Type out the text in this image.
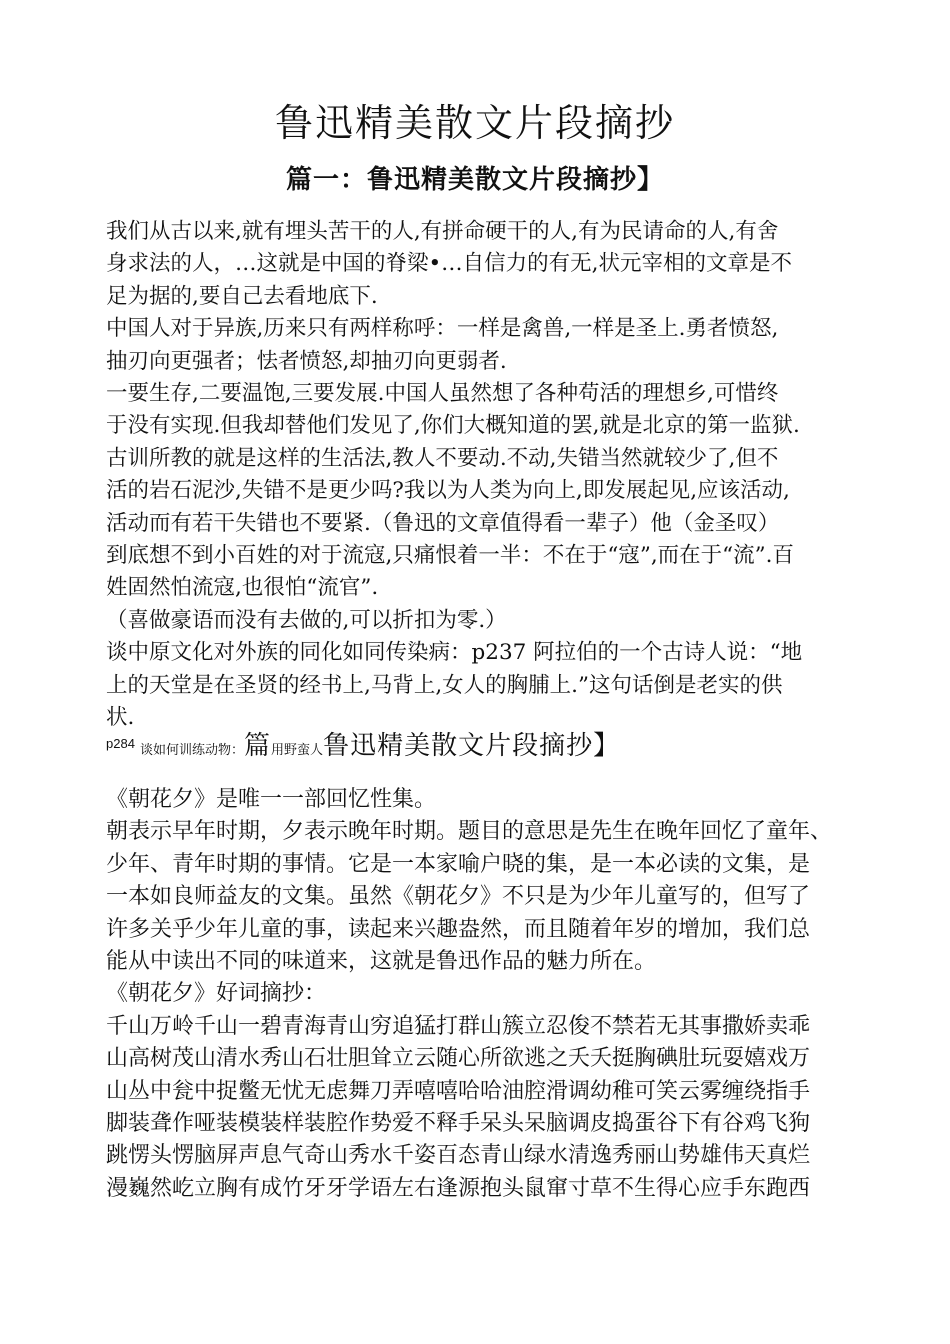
鲁迅精美散文片段摘抄
篇一：鲁迅精美散文片段摘抄】

我们从古以来,就有埋头苦干的人,有拼命硬干的人,有为民请命的人,有舍

身求法的人，…这就是中国的脊梁•…自信力的有无,状元宰相的文章是不

足为据的,要自己去看地底下.

中国人对于异族,历来只有两样称呼：一样是禽兽,一样是圣上.勇者愤怒,

抽刃向更强者；怯者愤怒,却抽刃向更弱者.

一要生存,二要温饱,三要发展.中国人虽然想了各种苟活的理想乡,可惜终

于没有实现.但我却替他们发见了,你们大概知道的罢,就是北京的第一监狱.

古训所教的就是这样的生活法,教人不要动.不动,失错当然就较少了,但不

活的岩石泥沙,失错不是更少吗?我以为人类为向上,即发展起见,应该活动,

活动而有若干失错也不要紧.（鲁迅的文章值得看一辈子）他（金圣叹）

到底想不到小百姓的对于流寇,只痛恨着一半：不在于“寇”,而在于“流”.百

姓固然怕流寇,也很怕“流官”.

（喜做豪语而没有去做的,可以折扣为零.）

谈中原文化对外族的同化如同传染病：p237 阿拉伯的一个古诗人说：“地

上的天堂是在圣贤的经书上,马背上,女人的胸脯上.”这句话倒是老实的供

状.

$^{p284}$ 谈如何训练动物：篇用野蛮人鲁迅精美散文片段摘抄】

《朝花夕》是唯一一部回忆性集。

朝表示早年时期，夕表示晚年时期。题目的意思是先生在晚年回忆了童年、

少年、青年时期的事情。它是一本家喻户晓的集，是一本必读的文集，是

一本如良师益友的文集。虽然《朝花夕》不只是为少年儿童写的，但写了

许多关乎少年儿童的事，读起来兴趣盎然，而且随着年岁的增加，我们总

能从中读出不同的味道来，这就是鲁迅作品的魅力所在。

《朝花夕》好词摘抄：

千山万岭千山一碧青海青山穷追猛打群山簇立忍俊不禁若无其事撒娇卖乖

山高树茂山清水秀山石壮胆耸立云随心所欲逃之夭夭挺胸碘肚玩耍嬉戏万

山丛中瓮中捉鳖无忧无虑舞刀弄嘻嘻哈哈油腔滑调幼稚可笑云雾缠绕指手

脚装聋作哑装模装样装腔作势爱不释手呆头呆脑调皮捣蛋谷下有谷鸡飞狗

跳愣头愣脑屏声息气奇山秀水千姿百态青山绿水清逸秀丽山势雄伟天真烂

漫巍然屹立胸有成竹牙牙学语左右逢源抱头鼠窜寸草不生得心应手东跑西
